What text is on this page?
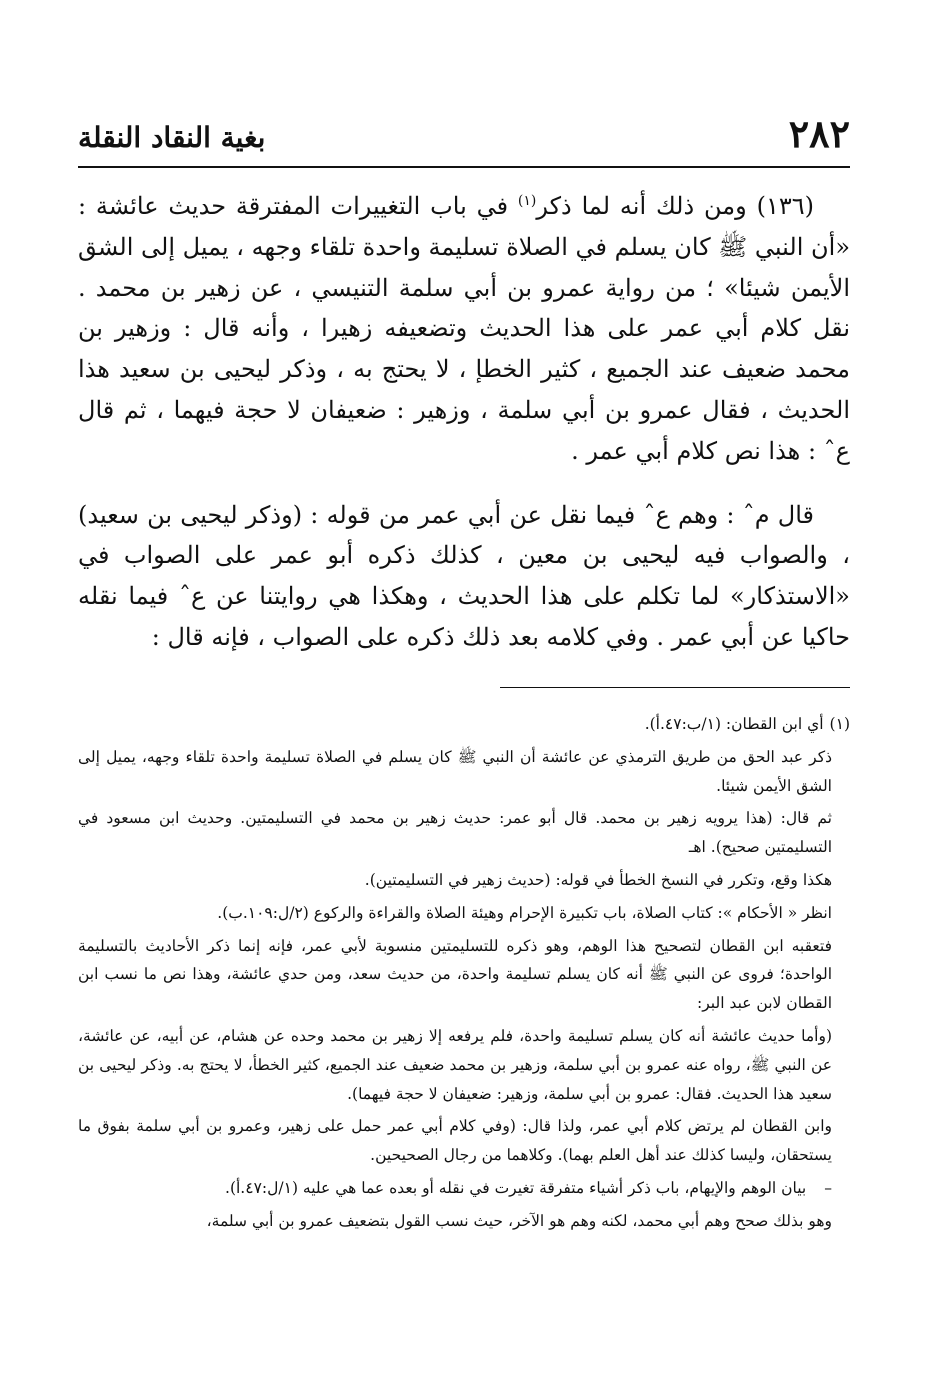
٢٨٢
بغية النقاد النقلة

(١٣٦) ومن ذلك أنه لما ذكر$^{(١)}$ في باب التغييرات المفترقة حديث عائشة : «أن النبي ﷺ كان يسلم في الصلاة تسليمة واحدة تلقاء وجهه ، يميل إلى الشق الأيمن شيئا» ؛ من رواية عمرو بن أبي سلمة التنيسي ، عن زهير بن محمد . نقل كلام أبي عمر على هذا الحديث وتضعيفه زهيرا ، وأنه قال : وزهير بن محمد ضعيف عند الجميع ، كثير الخطإ ، لا يحتج به ، وذكر ليحيى بن سعيد هذا الحديث ، فقال عمرو بن أبي سلمة ، وزهير : ضعيفان لا حجة فيهما ، ثم قال عˆ : هذا نص كلام أبي عمر .

قال مˆ : وهم عˆ فيما نقل عن أبي عمر من قوله : (وذكر ليحيى بن سعيد) ، والصواب فيه ليحيى بن معين ، كذلك ذكره أبو عمر على الصواب في «الاستذكار» لما تكلم على هذا الحديث ، وهكذا هي روايتنا عن عˆ فيما نقله حاكيا عن أبي عمر . وفي كلامه بعد ذلك ذكره على الصواب ، فإنه قال :

(١)أي ابن القطان: (١/ب:٤٧.أ).

ذكر عبد الحق من طريق الترمذي عن عائشة أن النبي ﷺ كان يسلم في الصلاة تسليمة واحدة تلقاء وجهه، يميل إلى الشق الأيمن شيئا.

ثم قال: (هذا يرويه زهير بن محمد. قال أبو عمر: حديث زهير بن محمد في التسليمتين. وحديث ابن مسعود في التسليمتين صحيح). اهـ

هكذا وقع، وتكرر في النسخ الخطأ في قوله: (حديث زهير في التسليمتين).

انظر « الأحكام »: كتاب الصلاة، باب تكبيرة الإحرام وهيئة الصلاة والقراءة والركوع (٢/ل:١٠٩.ب).

فتعقبه ابن القطان لتصحيح هذا الوهم، وهو ذكره للتسليمتين منسوبة لأبي عمر، فإنه إنما ذكر الأحاديث بالتسليمة الواحدة؛ فروى عن النبي ﷺ أنه كان يسلم تسليمة واحدة، من حديث سعد، ومن حدي عائشة، وهذا نص ما نسب ابن القطان لابن عبد البر:

(وأما حديث عائشة أنه كان يسلم تسليمة واحدة، فلم يرفعه إلا زهير بن محمد وحده عن هشام، عن أبيه، عن عائشة، عن النبي ﷺ، رواه عنه عمرو بن أبي سلمة، وزهير بن محمد ضعيف عند الجميع، كثير الخطأ، لا يحتج به. وذكر ليحيى بن سعيد هذا الحديث. فقال: عمرو بن أبي سلمة، وزهير: ضعيفان لا حجة فيهما).

وابن القطان لم يرتض كلام أبي عمر، ولذا قال: (وفي كلام أبي عمر حمل على زهير، وعمرو بن أبي سلمة بفوق ما يستحقان، وليسا كذلك عند أهل العلم بهما). وكلاهما من رجال الصحيحين.

–بيان الوهم والإيهام، باب ذكر أشياء متفرقة تغيرت في نقله أو بعده عما هي عليه (١/ل:٤٧.أ).

وهو بذلك صحح وهم أبي محمد، لكنه وهم هو الآخر، حيث نسب القول بتضعيف عمرو بن أبي سلمة،
